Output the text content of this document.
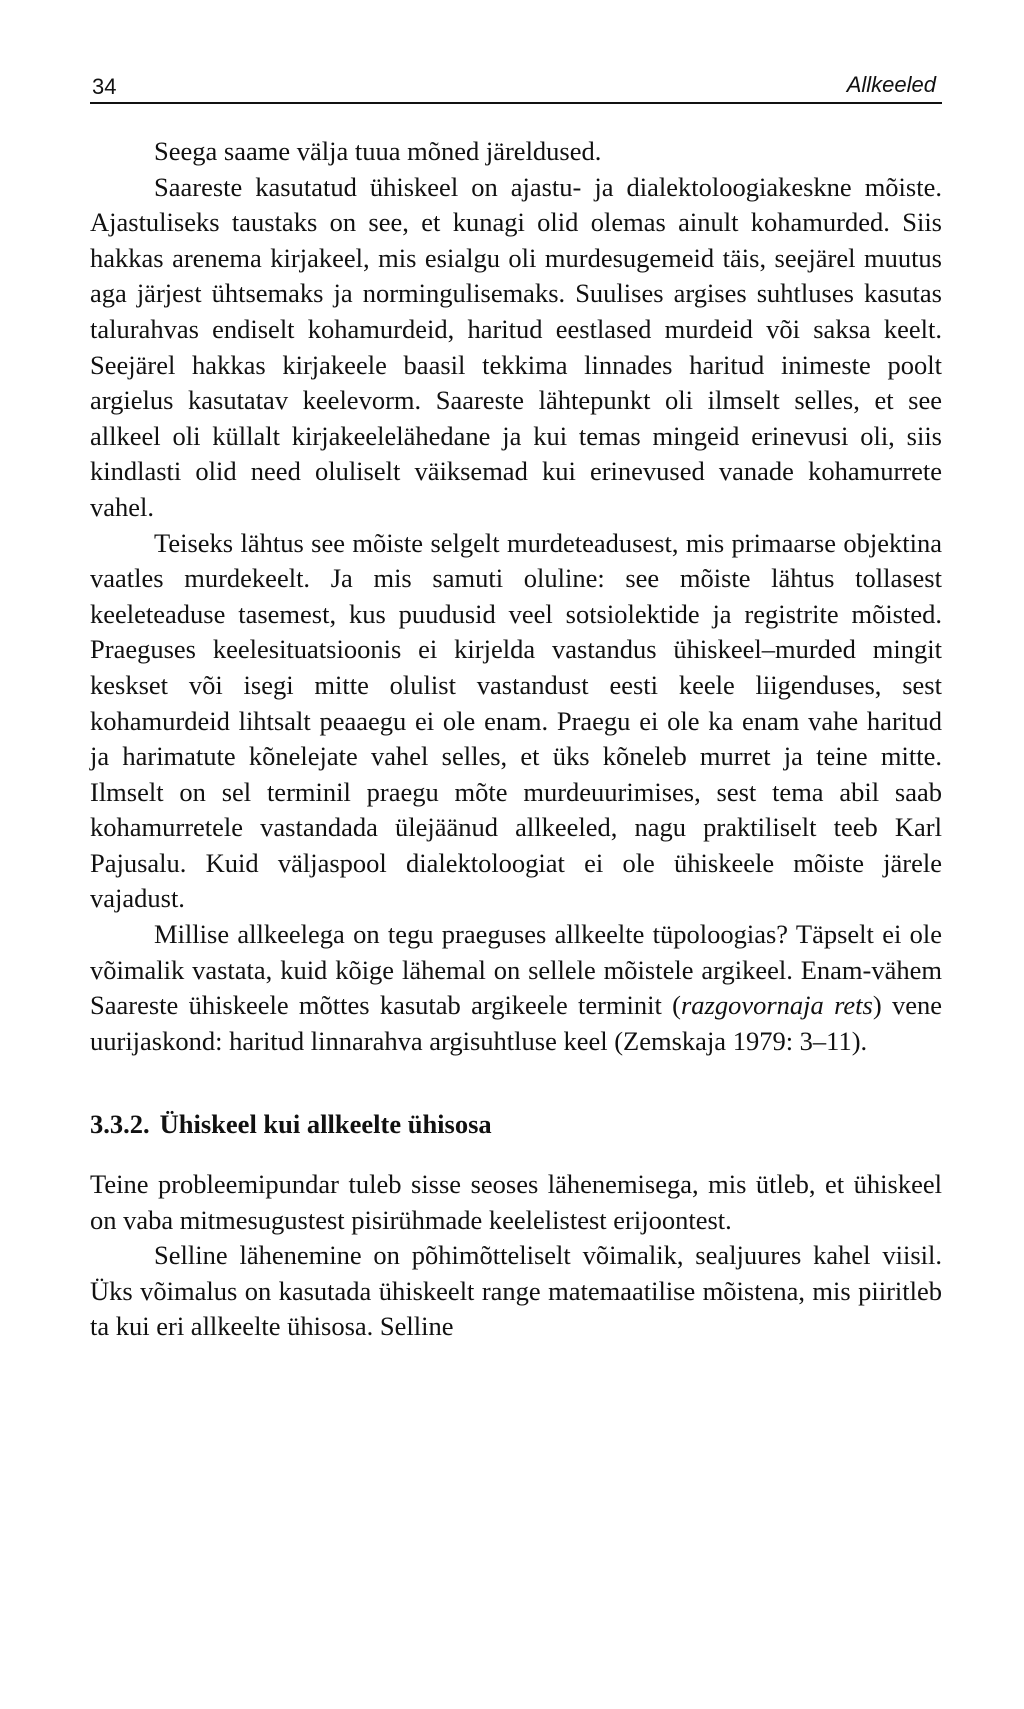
34	Allkeeled

Seega saame välja tuua mõned järeldused.

Saareste kasutatud ühiskeel on ajastu- ja dialektoloogiakeskne mõiste. Ajastuliseks taustaks on see, et kunagi olid olemas ainult kohamurded. Siis hakkas arenema kirjakeel, mis esialgu oli murdesugemeid täis, seejärel muutus aga järjest ühtsemaks ja normingulisemaks. Suulises argises suhtluses kasutas talurahvas endiselt kohamurdeid, haritud eestlased murdeid või saksa keelt. Seejärel hakkas kirjakeele baasil tekkima linnades haritud inimeste poolt argielus kasutatav keelevorm. Saareste lähtepunkt oli ilmselt selles, et see allkeel oli küllalt kirjakeelelähedane ja kui temas mingeid erinevusi oli, siis kindlasti olid need oluliselt väiksemad kui erinevused vanade kohamurrete vahel.

Teiseks lähtus see mõiste selgelt murdeteadusest, mis primaarse objektina vaatles murdekeelt. Ja mis samuti oluline: see mõiste lähtus tollasest keeleteaduse tasemest, kus puudusid veel sotsiolektide ja registrite mõisted. Praeguses keelesituatsioonis ei kirjelda vastandus ühiskeel–murded mingit keskset või isegi mitte olulist vastandust eesti keele liigenduses, sest kohamurdeid lihtsalt peaaegu ei ole enam. Praegu ei ole ka enam vahe haritud ja harimatute kõnelejate vahel selles, et üks kõneleb murret ja teine mitte. Ilmselt on sel terminil praegu mõte murdeuurimises, sest tema abil saab kohamurretele vastandada ülejäänud allkeeled, nagu praktiliselt teeb Karl Pajusalu. Kuid väljaspool dialektoloogiat ei ole ühiskeele mõiste järele vajadust.

Millise allkeelega on tegu praeguses allkeelte tüpoloogias? Täpselt ei ole võimalik vastata, kuid kõige lähemal on sellele mõistele argikeel. Enam-vähem Saareste ühiskeele mõttes kasutab argikeele terminit (razgovornaja rets) vene uurijaskond: haritud linnarahva argisuhtluse keel (Zemskaja 1979: 3–11).

3.3.2. Ühiskeel kui allkeelte ühisosa

Teine probleemipundar tuleb sisse seoses lähenemisega, mis ütleb, et ühiskeel on vaba mitmesugustest pisirühmade keelelistest erijoontest.

Selline lähenemine on põhimõtteliselt võimalik, sealjuures kahel viisil. Üks võimalus on kasutada ühiskeelt range matemaatilise mõistena, mis piiritleb ta kui eri allkeelte ühisosa. Selline
